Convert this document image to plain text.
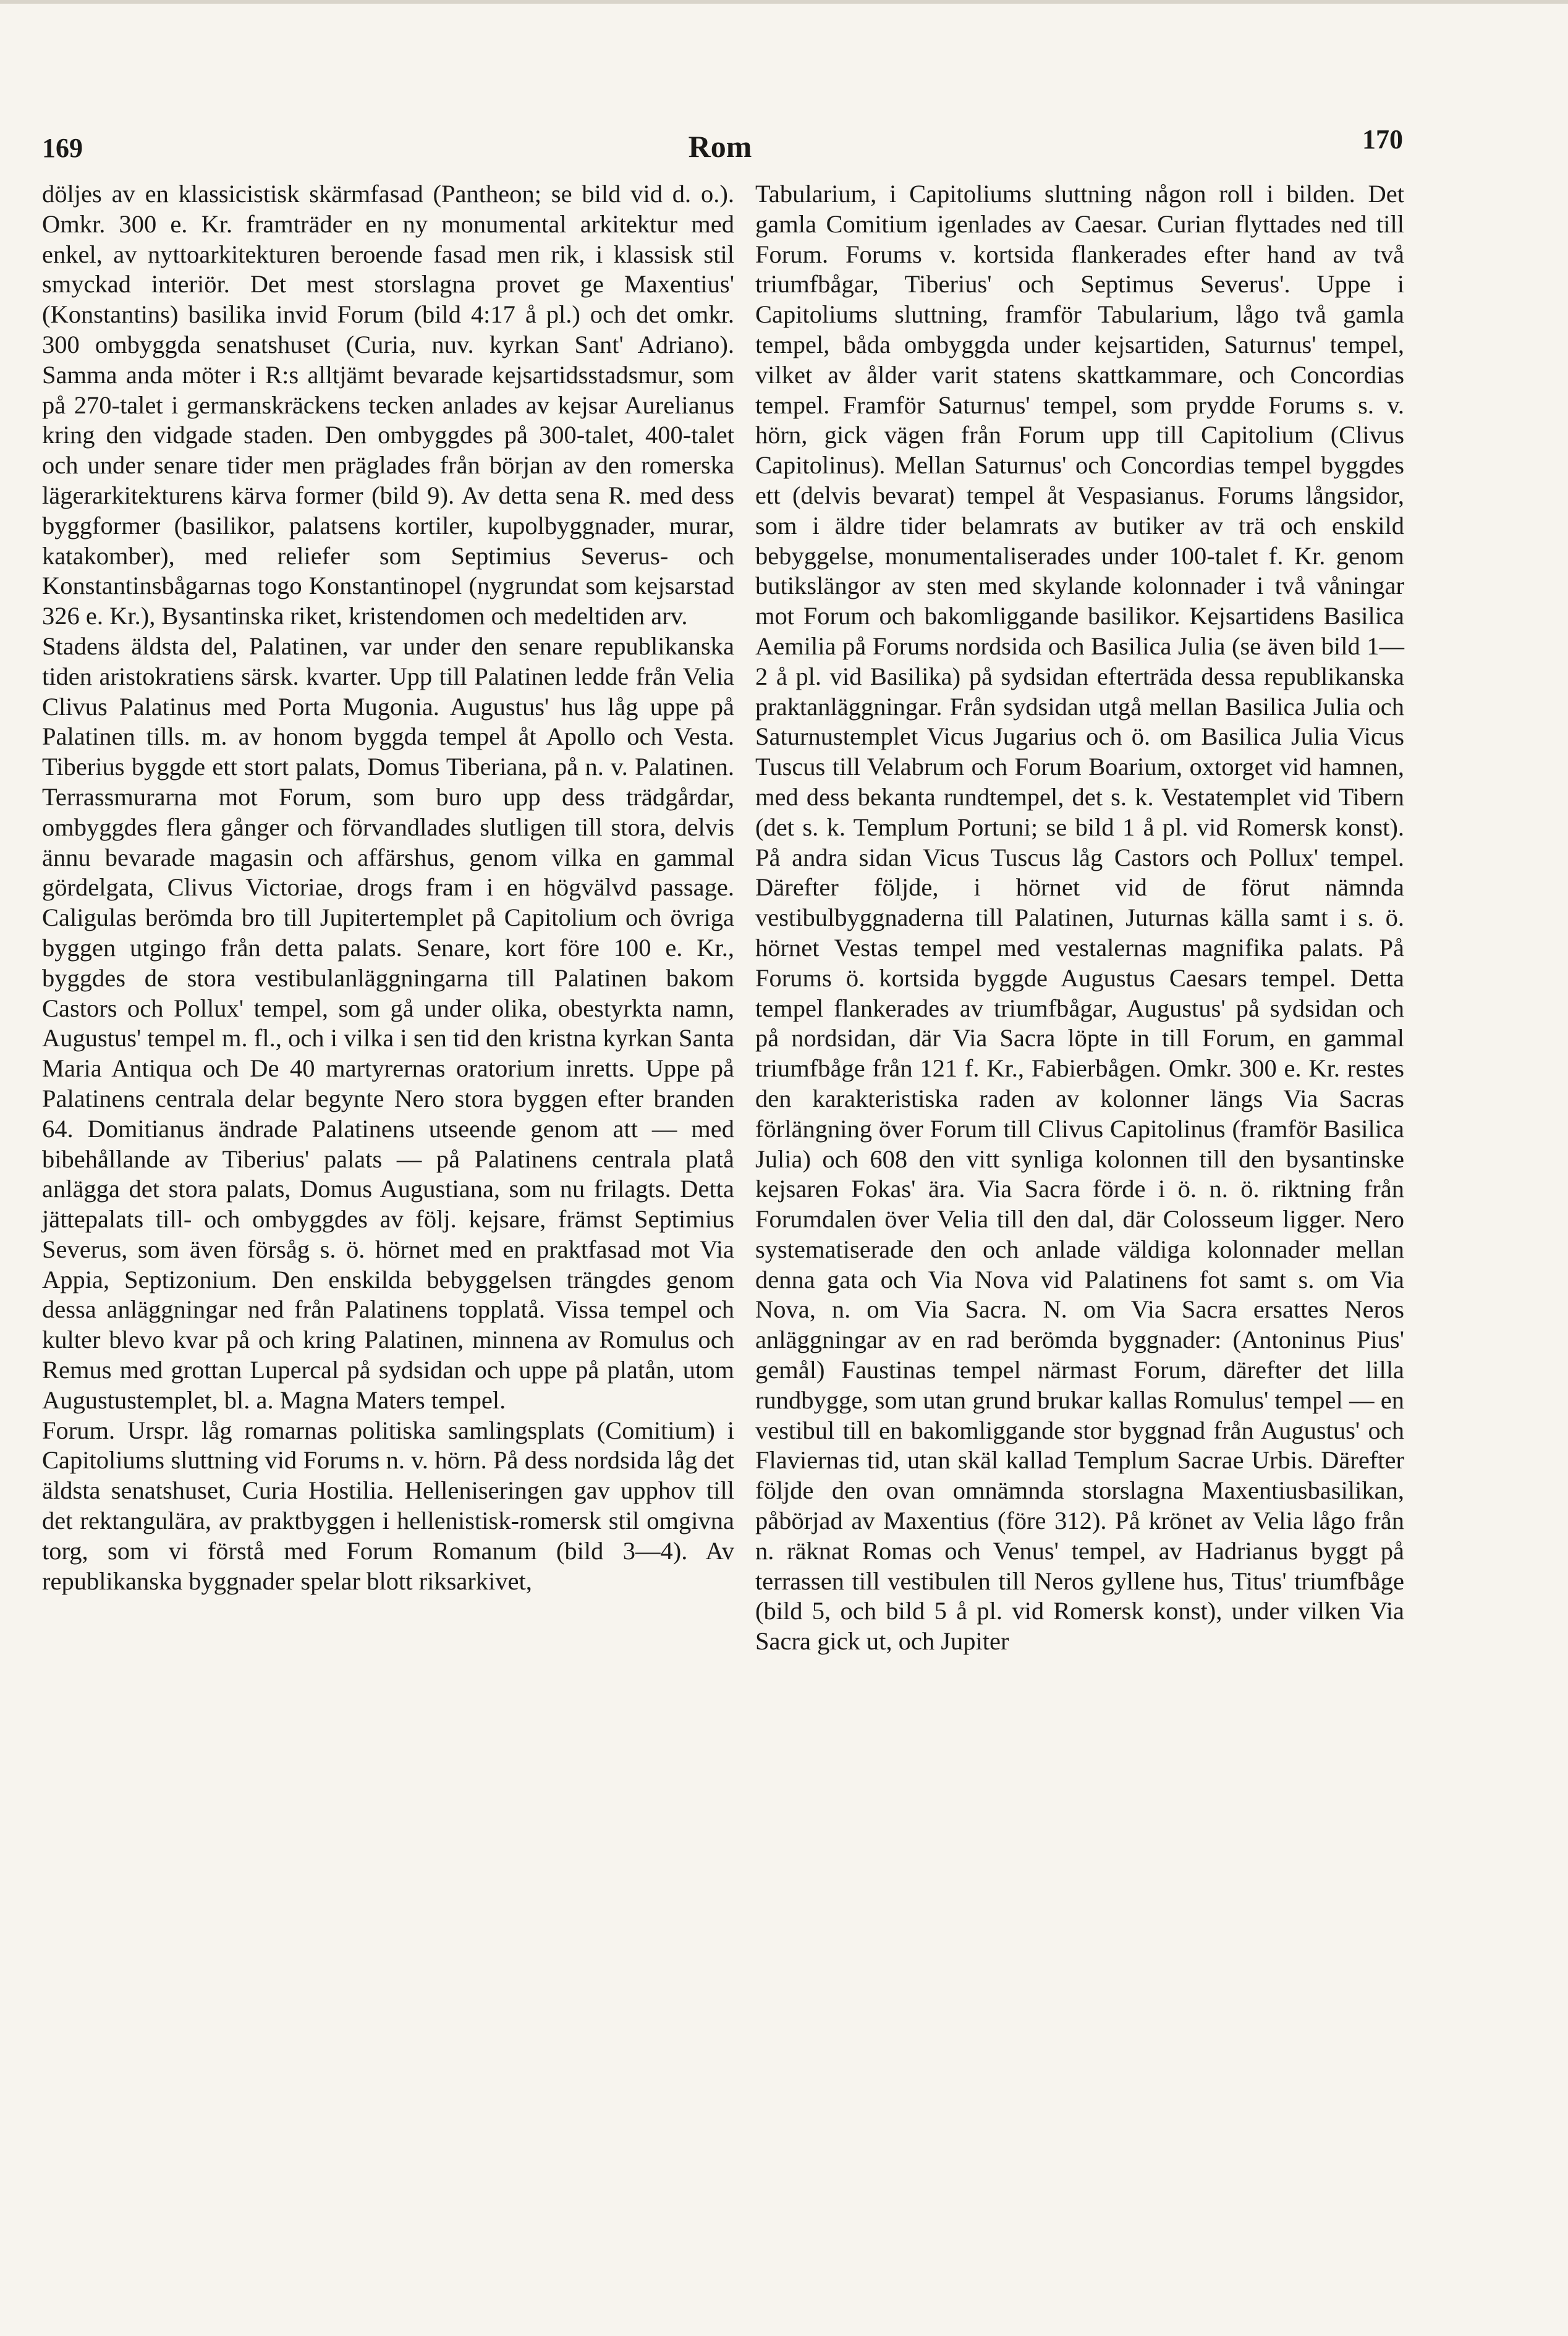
169	Rom	170

döljes av en klassicistisk skärmfasad (Pantheon; se bild vid d. o.). Omkr. 300 e. Kr. framträder en ny monumental arkitektur med enkel, av nyttoarkitekturen beroende fasad men rik, i klassisk stil smyckad interiör. Det mest storslagna provet ge Maxentius' (Konstantins) basilika invid Forum (bild 4:17 å pl.) och det omkr. 300 ombyggda senatshuset (Curia, nuv. kyrkan Sant' Adriano). Samma anda möter i R:s alltjämt bevarade kejsartidsstadsmur, som på 270-talet i germanskräckens tecken anlades av kejsar Aurelianus kring den vidgade staden. Den ombyggdes på 300-talet, 400-talet och under senare tider men präglades från början av den romerska lägerarkitekturens kärva former (bild 9). Av detta sena R. med dess byggformer (basilikor, palatsens kortiler, kupolbyggnader, murar, katakomber), med reliefer som Septimius Severus- och Konstantinsbågarnas togo Konstantinopel (nygrundat som kejsarstad 326 e. Kr.), Bysantinska riket, kristendomen och medeltiden arv.

Stadens äldsta del, Palatinen, var under den senare republikanska tiden aristokratiens särsk. kvarter. Upp till Palatinen ledde från Velia Clivus Palatinus med Porta Mugonia. Augustus' hus låg uppe på Palatinen tills. m. av honom byggda tempel åt Apollo och Vesta. Tiberius byggde ett stort palats, Domus Tiberiana, på n. v. Palatinen. Terrassmurarna mot Forum, som buro upp dess trädgårdar, ombyggdes flera gånger och förvandlades slutligen till stora, delvis ännu bevarade magasin och affärshus, genom vilka en gammal gördelgata, Clivus Victoriae, drogs fram i en högvälvd passage. Caligulas berömda bro till Jupitertemplet på Capitolium och övriga byggen utgingo från detta palats. Senare, kort före 100 e. Kr., byggdes de stora vestibulanläggningarna till Palatinen bakom Castors och Pollux' tempel, som gå under olika, obestyrkta namn, Augustus' tempel m. fl., och i vilka i sen tid den kristna kyrkan Santa Maria Antiqua och De 40 martyrernas oratorium inretts. Uppe på Palatinens centrala delar begynte Nero stora byggen efter branden 64. Domitianus ändrade Palatinens utseende genom att — med bibehållande av Tiberius' palats — på Palatinens centrala platå anlägga det stora palats, Domus Augustiana, som nu frilagts. Detta jättepalats till- och ombyggdes av följ. kejsare, främst Septimius Severus, som även försåg s. ö. hörnet med en praktfasad mot Via Appia, Septizonium. Den enskilda bebyggelsen trängdes genom dessa anläggningar ned från Palatinens topplatå. Vissa tempel och kulter blevo kvar på och kring Palatinen, minnena av Romulus och Remus med grottan Lupercal på sydsidan och uppe på platån, utom Augustustemplet, bl. a. Magna Maters tempel.

Forum. Urspr. låg romarnas politiska samlingsplats (Comitium) i Capitoliums sluttning vid Forums n. v. hörn. På dess nordsida låg det äldsta senatshuset, Curia Hostilia. Helleniseringen gav upphov till det rektangulära, av praktbyggen i hellenistisk-romersk stil omgivna torg, som vi förstå med Forum Romanum (bild 3—4). Av republikanska byggnader spelar blott riksarkivet,

Tabularium, i Capitoliums sluttning någon roll i bilden. Det gamla Comitium igenlades av Caesar. Curian flyttades ned till Forum. Forums v. kortsida flankerades efter hand av två triumfbågar, Tiberius' och Septimus Severus'. Uppe i Capitoliums sluttning, framför Tabularium, lågo två gamla tempel, båda ombyggda under kejsartiden, Saturnus' tempel, vilket av ålder varit statens skattkammare, och Concordias tempel. Framför Saturnus' tempel, som prydde Forums s. v. hörn, gick vägen från Forum upp till Capitolium (Clivus Capitolinus). Mellan Saturnus' och Concordias tempel byggdes ett (delvis bevarat) tempel åt Vespasianus. Forums långsidor, som i äldre tider belamrats av butiker av trä och enskild bebyggelse, monumentaliserades under 100-talet f. Kr. genom butikslängor av sten med skylande kolonnader i två våningar mot Forum och bakomliggande basilikor. Kejsartidens Basilica Aemilia på Forums nordsida och Basilica Julia (se även bild 1—2 å pl. vid Basilika) på sydsidan efterträda dessa republikanska praktanläggningar. Från sydsidan utgå mellan Basilica Julia och Saturnustemplet Vicus Jugarius och ö. om Basilica Julia Vicus Tuscus till Velabrum och Forum Boarium, oxtorget vid hamnen, med dess bekanta rundtempel, det s. k. Vestatemplet vid Tibern (det s. k. Templum Portuni; se bild 1 å pl. vid Romersk konst). På andra sidan Vicus Tuscus låg Castors och Pollux' tempel. Därefter följde, i hörnet vid de förut nämnda vestibulbyggnaderna till Palatinen, Juturnas källa samt i s. ö. hörnet Vestas tempel med vestalernas magnifika palats. På Forums ö. kortsida byggde Augustus Caesars tempel. Detta tempel flankerades av triumfbågar, Augustus' på sydsidan och på nordsidan, där Via Sacra löpte in till Forum, en gammal triumfbåge från 121 f. Kr., Fabierbågen. Omkr. 300 e. Kr. restes den karakteristiska raden av kolonner längs Via Sacras förlängning över Forum till Clivus Capitolinus (framför Basilica Julia) och 608 den vitt synliga kolonnen till den bysantinske kejsaren Fokas' ära. Via Sacra förde i ö. n. ö. riktning från Forumdalen över Velia till den dal, där Colosseum ligger. Nero systematiserade den och anlade väldiga kolonnader mellan denna gata och Via Nova vid Palatinens fot samt s. om Via Nova, n. om Via Sacra. N. om Via Sacra ersattes Neros anläggningar av en rad berömda byggnader: (Antoninus Pius' gemål) Faustinas tempel närmast Forum, därefter det lilla rundbygge, som utan grund brukar kallas Romulus' tempel — en vestibul till en bakomliggande stor byggnad från Augustus' och Flaviernas tid, utan skäl kallad Templum Sacrae Urbis. Därefter följde den ovan omnämnda storslagna Maxentiusbasilikan, påbörjad av Maxentius (före 312). På krönet av Velia lågo från n. räknat Romas och Venus' tempel, av Hadrianus byggt på terrassen till vestibulen till Neros gyllene hus, Titus' triumfbåge (bild 5, och bild 5 å pl. vid Romersk konst), under vilken Via Sacra gick ut, och Jupiter
